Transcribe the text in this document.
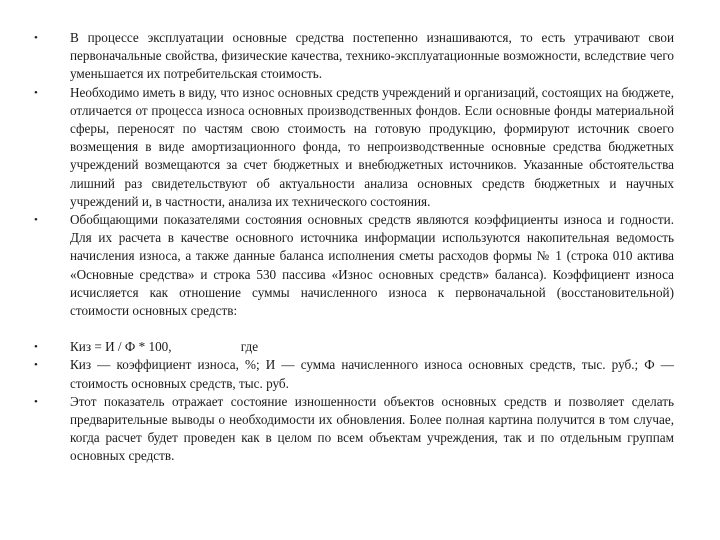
•	В процессе эксплуатации основные средства постепенно изнашиваются, то есть утрачивают свои первоначальные свойства, физические качества, технико-эксплуатационные возможности, вследствие чего уменьшается их потребительская стоимость.
•	Необходимо иметь в виду, что износ основных средств учреждений и организаций, состоящих на бюджете, отличается от процесса износа основных производственных фондов. Если основные фонды материальной сферы, переносят по частям свою стоимость на готовую продукцию, формируют источник своего возмещения в виде амортизационного фонда, то непроизводственные основные средства бюджетных учреждений возмещаются за счет бюджетных и внебюджетных источников. Указанные обстоятельства лишний раз свидетельствуют об актуальности анализа основных средств бюджетных и научных учреждений и, в частности, анализа их технического состояния.
•	Обобщающими показателями состояния основных средств являются коэффициенты износа и годности. Для их расчета в качестве основного источника информации используются накопительная ведомость начисления износа, а также данные баланса исполнения сметы расходов формы № 1 (строка 010 актива «Основные средства» и строка 530 пассива «Износ основных средств» баланса). Коэффициент износа исчисляется как отношение суммы начисленного износа к первоначальной (восстановительной) стоимости основных средств:
•	Киз = И / Ф * 100,                     где
•	Киз — коэффициент износа, %; И — сумма начисленного износа основных средств, тыс. руб.; Ф — стоимость основных средств, тыс. руб.
•	Этот показатель отражает состояние изношенности объектов основных средств и позволяет сделать предварительные выводы о необходимости их обновления. Более полная картина получится в том случае, когда расчет будет проведен как в целом по всем объектам учреждения, так и по отдельным группам основных средств.
